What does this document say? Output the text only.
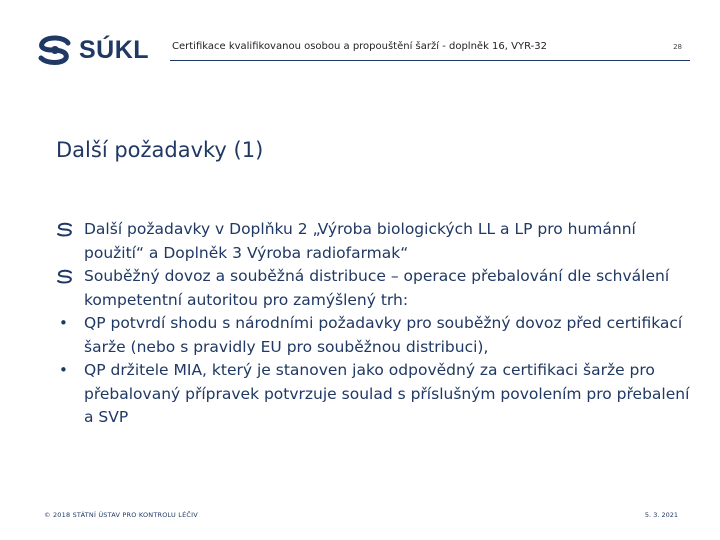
SÚKL Certifikace kvalifikovanou osobou a propouštění šarží - doplněk 16, VYR-32	28
Další požadavky (1)
Další požadavky v Doplňku 2 „Výroba biologických LL a LP pro humánní použití“ a Doplněk 3 Výroba radiofarmak“
Souběžný dovoz a souběžná distribuce – operace přebalování dle schválení kompetentní autoritou pro zamýšlený trh:
• QP potvrdí shodu s národními požadavky pro souběžný dovoz před certifikací šarže (nebo s pravidly EU pro souběžnou distribuci),
• QP držitele MIA, který je stanoven jako odpovědný za certifikaci šarže pro přebalovaný přípravek potvrzuje soulad s příslušným povolením pro přebalení a SVP
© 2018 STÁTNÍ ÚSTAV PRO KONTROLU LÉČIV	5. 3. 2021
